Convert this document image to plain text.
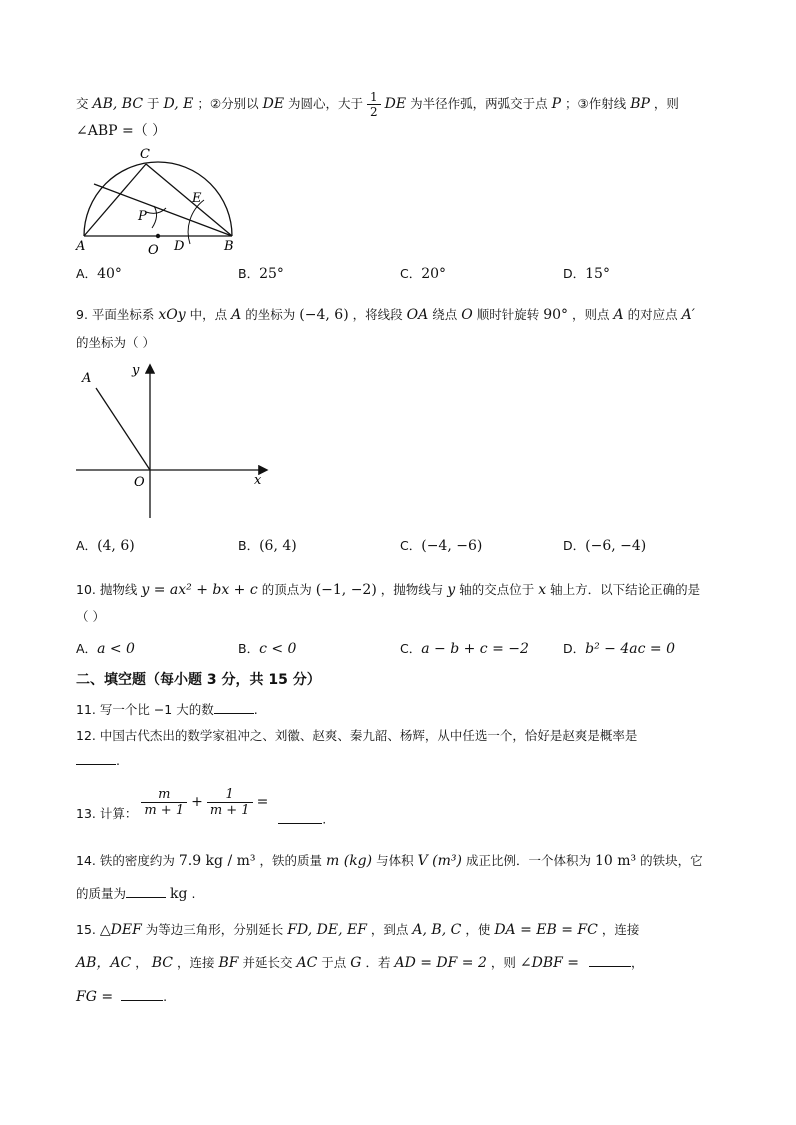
交 AB, BC 于 D, E ；②分别以 DE 为圆心，大于 $\frac{1}{2}$ DE 为半径作弧，两弧交于点 P ；③作射线 BP ，则
∠ABP =（ ）
A	B
C
O D
E
P
A．40°	B．25°	C．20°	D．15°
9. 平面坐标系 xOy 中，点 A 的坐标为 (−4, 6) ，将线段 OA 绕点 O 顺时针旋转 90° ，则点 A 的对应点 A′
的坐标为（ ）
A
O	x
y
A．(4, 6)	B．(6, 4)	C．(−4, −6)	D．(−6, −4)
10. 抛物线 y = ax² + bx + c 的顶点为 (−1, −2) ，抛物线与 y 轴的交点位于 x 轴上方．以下结论正确的是
（ ）
A．a < 0	B．c < 0	C．a − b + c = −2	D．b² − 4ac = 0
二、填空题（每小题 3 分，共 15 分）
11. 写一个比 −1 大的数	.
12. 中国古代杰出的数学家祖冲之、刘徽、赵爽、秦九韶、杨辉，从中任选一个，恰好是赵爽是概率是
.
13. 计算： $\frac{m}{m + 1} + \frac{1}{m + 1}$ = .
14. 铁的密度约为 7.9 kg / m³ ，铁的质量 m (kg) 与体积 V (m³) 成正比例．一个体积为 10 m³ 的铁块，它
的质量为	kg .
15. △DEF 为等边三角形，分别延长 FD, DE, EF ，到点 A, B, C ，使 DA = EB = FC ，连接
AB，AC ， BC ，连接 BF 并延长交 AC 于点 G ．若 AD = DF = 2 ，则 ∠DBF =	，
FG =	.
